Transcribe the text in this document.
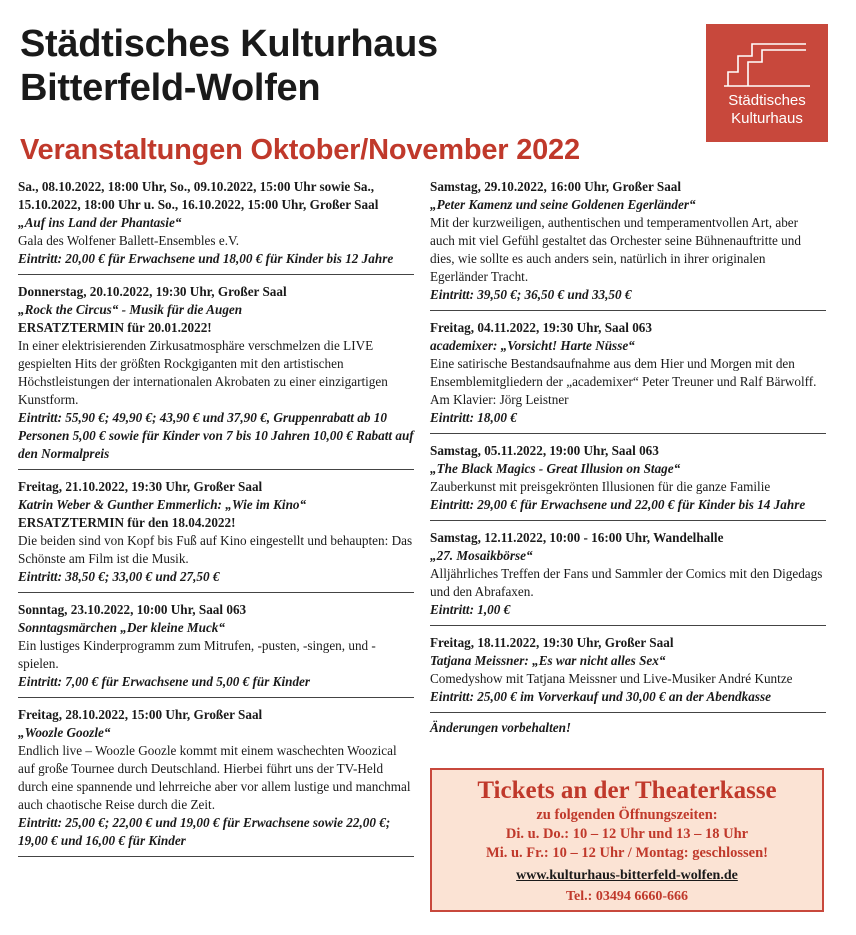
Städtisches Kulturhaus
Bitterfeld-Wolfen
Veranstaltungen Oktober/November 2022
Städtisches
Kulturhaus
Sa., 08.10.2022, 18:00 Uhr, So., 09.10.2022, 15:00 Uhr sowie Sa., 15.10.2022, 18:00 Uhr u. So., 16.10.2022, 15:00 Uhr, Großer Saal
„Auf ins Land der Phantasie“
Gala des Wolfener Ballett-Ensembles e.V.
Eintritt: 20,00 € für Erwachsene und 18,00 € für Kinder bis 12 Jahre
Donnerstag, 20.10.2022, 19:30 Uhr, Großer Saal
„Rock the Circus“ - Musik für die Augen
ERSATZTERMIN für 20.01.2022!
In einer elektrisierenden Zirkusatmosphäre verschmelzen die LIVE gespielten Hits der größten Rockgiganten mit den artistischen Höchstleistungen der internationalen Akrobaten zu einer einzigartigen Kunstform.
Eintritt: 55,90 €; 49,90 €; 43,90 € und 37,90 €, Gruppenrabatt ab 10 Personen 5,00 € sowie für Kinder von 7 bis 10 Jahren 10,00 € Rabatt auf den Normalpreis
Freitag, 21.10.2022, 19:30 Uhr, Großer Saal
Katrin Weber & Gunther Emmerlich: „Wie im Kino“
ERSATZTERMIN für den 18.04.2022!
Die beiden sind von Kopf bis Fuß auf Kino eingestellt und behaupten: Das Schönste am Film ist die Musik.
Eintritt: 38,50 €; 33,00 € und 27,50 €
Sonntag, 23.10.2022, 10:00 Uhr, Saal 063
Sonntagsmärchen „Der kleine Muck“
Ein lustiges Kinderprogramm zum Mitrufen, -pusten, -singen, und -spielen.
Eintritt: 7,00 € für Erwachsene und 5,00 € für Kinder
Freitag, 28.10.2022, 15:00 Uhr, Großer Saal
„Woozle Goozle“
Endlich live – Woozle Goozle kommt mit einem waschechten Woozical auf große Tournee durch Deutschland. Hierbei führt uns der TV-Held durch eine spannende und lehrreiche aber vor allem lustige und manchmal auch chaotische Reise durch die Zeit.
Eintritt: 25,00 €; 22,00 € und 19,00 € für Erwachsene sowie 22,00 €; 19,00 € und 16,00 € für Kinder
Samstag, 29.10.2022, 16:00 Uhr, Großer Saal
„Peter Kamenz und seine Goldenen Egerländer“
Mit der kurzweiligen, authentischen und temperamentvollen Art, aber auch mit viel Gefühl gestaltet das Orchester seine Bühnenauftritte und dies, wie sollte es auch anders sein, natürlich in ihrer originalen Egerländer Tracht.
Eintritt: 39,50 €; 36,50 € und 33,50 €
Freitag, 04.11.2022, 19:30 Uhr, Saal 063
academixer: „Vorsicht! Harte Nüsse“
Eine satirische Bestandsaufnahme aus dem Hier und Morgen mit den Ensemblemitgliedern der „academixer“ Peter Treuner und Ralf Bärwolff. Am Klavier: Jörg Leistner
Eintritt: 18,00 €
Samstag, 05.11.2022, 19:00 Uhr, Saal 063
„The Black Magics - Great Illusion on Stage“
Zauberkunst mit preisgekrönten Illusionen für die ganze Familie
Eintritt: 29,00 € für Erwachsene und 22,00 € für Kinder bis 14 Jahre
Samstag, 12.11.2022, 10:00 - 16:00 Uhr, Wandelhalle
„27. Mosaikbörse“
Alljährliches Treffen der Fans und Sammler der Comics mit den Digedags und den Abrafaxen.
Eintritt: 1,00 €
Freitag, 18.11.2022, 19:30 Uhr, Großer Saal
Tatjana Meissner: „Es war nicht alles Sex“
Comedyshow mit Tatjana Meissner und Live-Musiker André Kuntze
Eintritt: 25,00 € im Vorverkauf und 30,00 € an der Abendkasse
Änderungen vorbehalten!
Tickets an der Theaterkasse
zu folgenden Öffnungszeiten:
Di. u. Do.: 10 – 12 Uhr und 13 – 18 Uhr
Mi. u. Fr.: 10 – 12 Uhr / Montag: geschlossen!
www.kulturhaus-bitterfeld-wolfen.de
Tel.: 03494 6660-666
